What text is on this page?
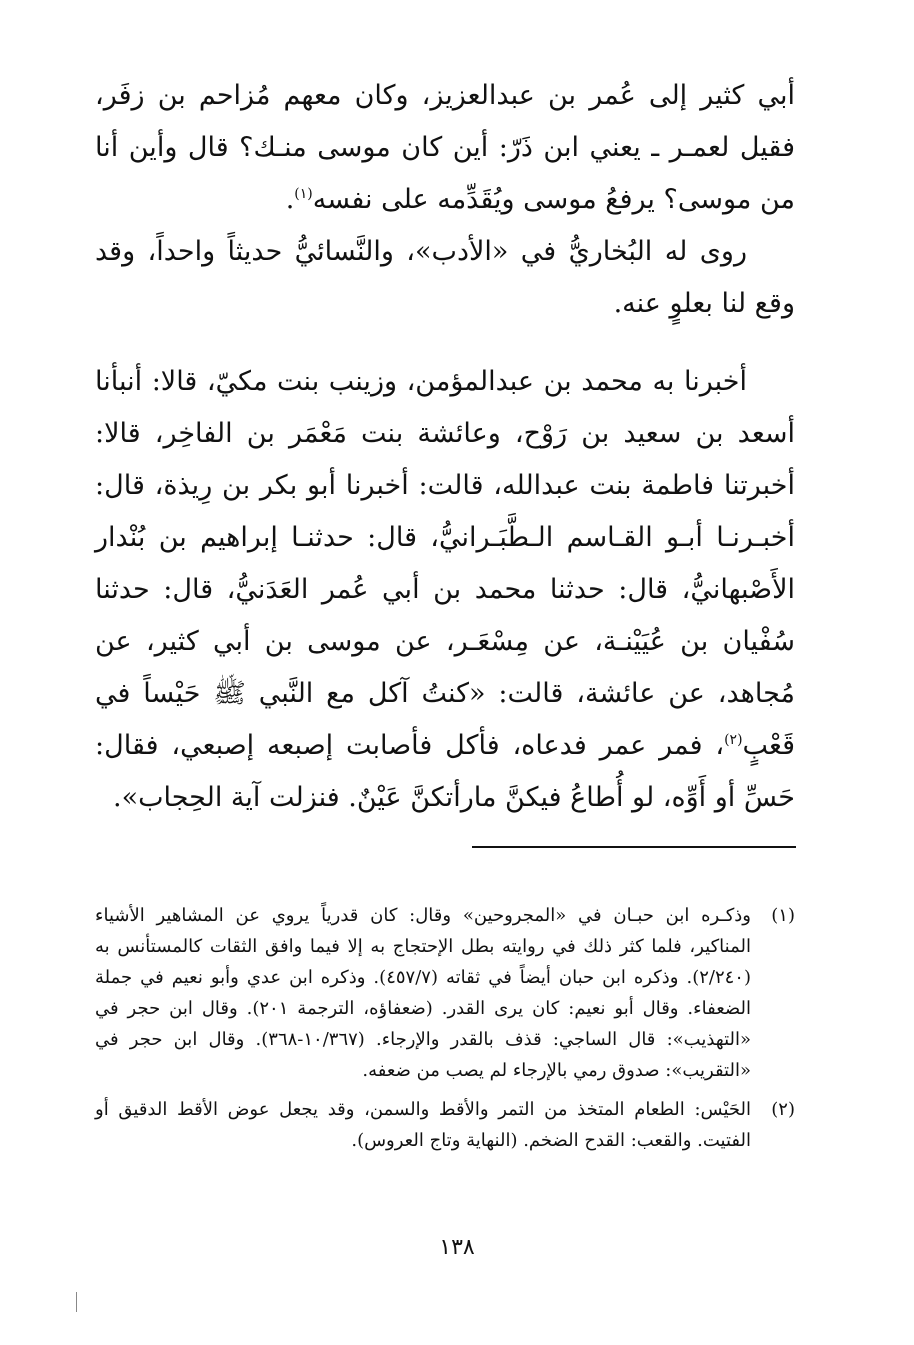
أبي كثير إلى عُمر بن عبدالعزيز، وكان معهم مُزاحم بن زفَر، فقيل لعمـر ـ يعني ابن ذَرّ: أين كان موسى منـك؟ قال وأين أنا من موسى؟ يرفعُ موسى ويُقَدِّمه على نفسه$^{(١)}$.

روى له البُخاريُّ في «الأدب»، والنَّسائيُّ حديثاً واحداً، وقد وقع لنا بعلوٍ عنه.

أخبرنا به محمد بن عبدالمؤمن، وزينب بنت مكيّ، قالا: أنبأنا أسعد بن سعيد بن رَوْح، وعائشة بنت مَعْمَر بن الفاخِر، قالا: أخبرتنا فاطمة بنت عبدالله، قالت: أخبرنا أبو بكر بن رِيذة، قال: أخبـرنـا أبـو القـاسم الـطَّبَـرانيُّ، قال: حدثنـا إبراهيم بن بُنْدار الأَصْبهانيُّ، قال: حدثنا محمد بن أبي عُمر العَدَنيُّ، قال: حدثنا سُفْيان بن عُيَيْنـة، عن مِسْعَـر، عن موسى بن أبي كثير، عن مُجاهد، عن عائشة، قالت: «كنتُ آكل مع النَّبي ﷺ حَيْساً في قَعْبٍ$^{(٢)}$، فمر عمر فدعاه، فأكل فأصابت إصبعه إصبعي، فقال: حَسِّ أو أَوِّه، لو أُطاعُ فيكنَّ مارأتكنَّ عَيْنٌ. فنزلت آية الحِجاب».

(١)
وذكـره ابن حبـان في «المجروحين» وقال: كان قدرياً يروي عن المشاهير الأشياء المناكير، فلما كثر ذلك في روايته بطل الإحتجاج به إلا فيما وافق الثقات كالمستأنس به (٢/٢٤٠). وذكره ابن حبان أيضاً في ثقاته (٤٥٧/٧). وذكره ابن عدي وأبو نعيم في جملة الضعفاء. وقال أبو نعيم: كان يرى القدر. (ضعفاؤه، الترجمة ٢٠١). وقال ابن حجر في «التهذيب»: قال الساجي: قذف بالقدر والإرجاء. (١٠/٣٦٧-٣٦٨). وقال ابن حجر في «التقريب»: صدوق رمي بالإرجاء لم يصب من ضعفه.
(٢)
الحَيْس: الطعام المتخذ من التمر والأقط والسمن، وقد يجعل عوض الأقط الدقيق أو الفتيت. والقعب: القدح الضخم. (النهاية وتاج العروس).
١٣٨
